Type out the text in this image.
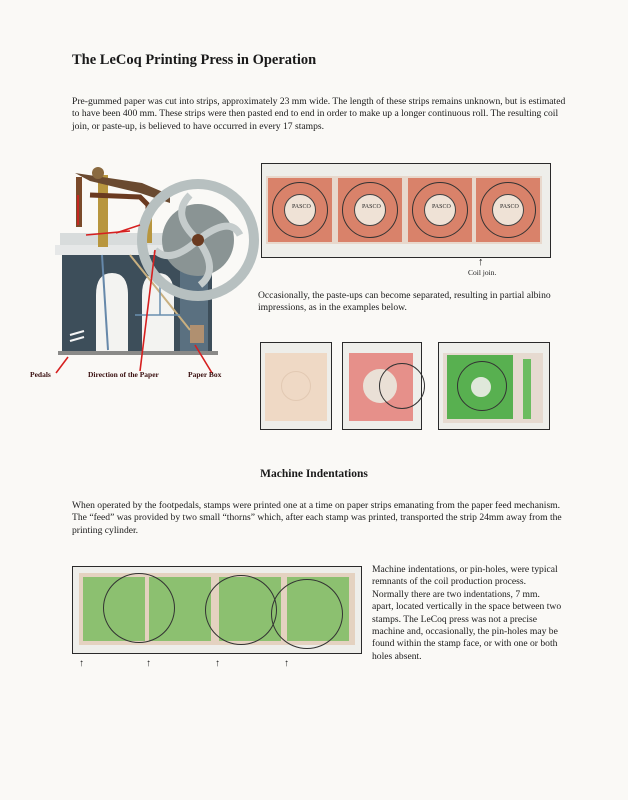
The LeCoq Printing Press in Operation
Pre-gummed paper was cut into strips, approximately 23 mm wide. The length of these strips remains unknown, but is estimated to have been 400 mm. These strips were then pasted end to end in order to make up a longer continuous roll. The resulting coil join, or paste-up, is believed to have occurred in every 17 stamps.
Pedals	Direction of the Paper	Paper Box
PASCO	PASCO	PASCO	PASCO
↑
Coil join.
Occasionally, the paste-ups can become separated, resulting in partial albino impressions, as in the examples below.
Machine Indentations
When operated by the footpedals, stamps were printed one at a time on paper strips emanating from the paper feed mechanism. The “feed” was provided by two small “thorns” which, after each stamp was printed, transported the strip 24mm away from the printing cylinder.
↑	↑	↑	↑
Machine indentations, or pin-holes, were typical remnants of the coil production process. Normally there are two indentations, 7 mm. apart, located vertically in the space between two stamps. The LeCoq press was not a precise machine and, occasionally, the pin-holes may be found within the stamp face, or with one or both holes absent.
